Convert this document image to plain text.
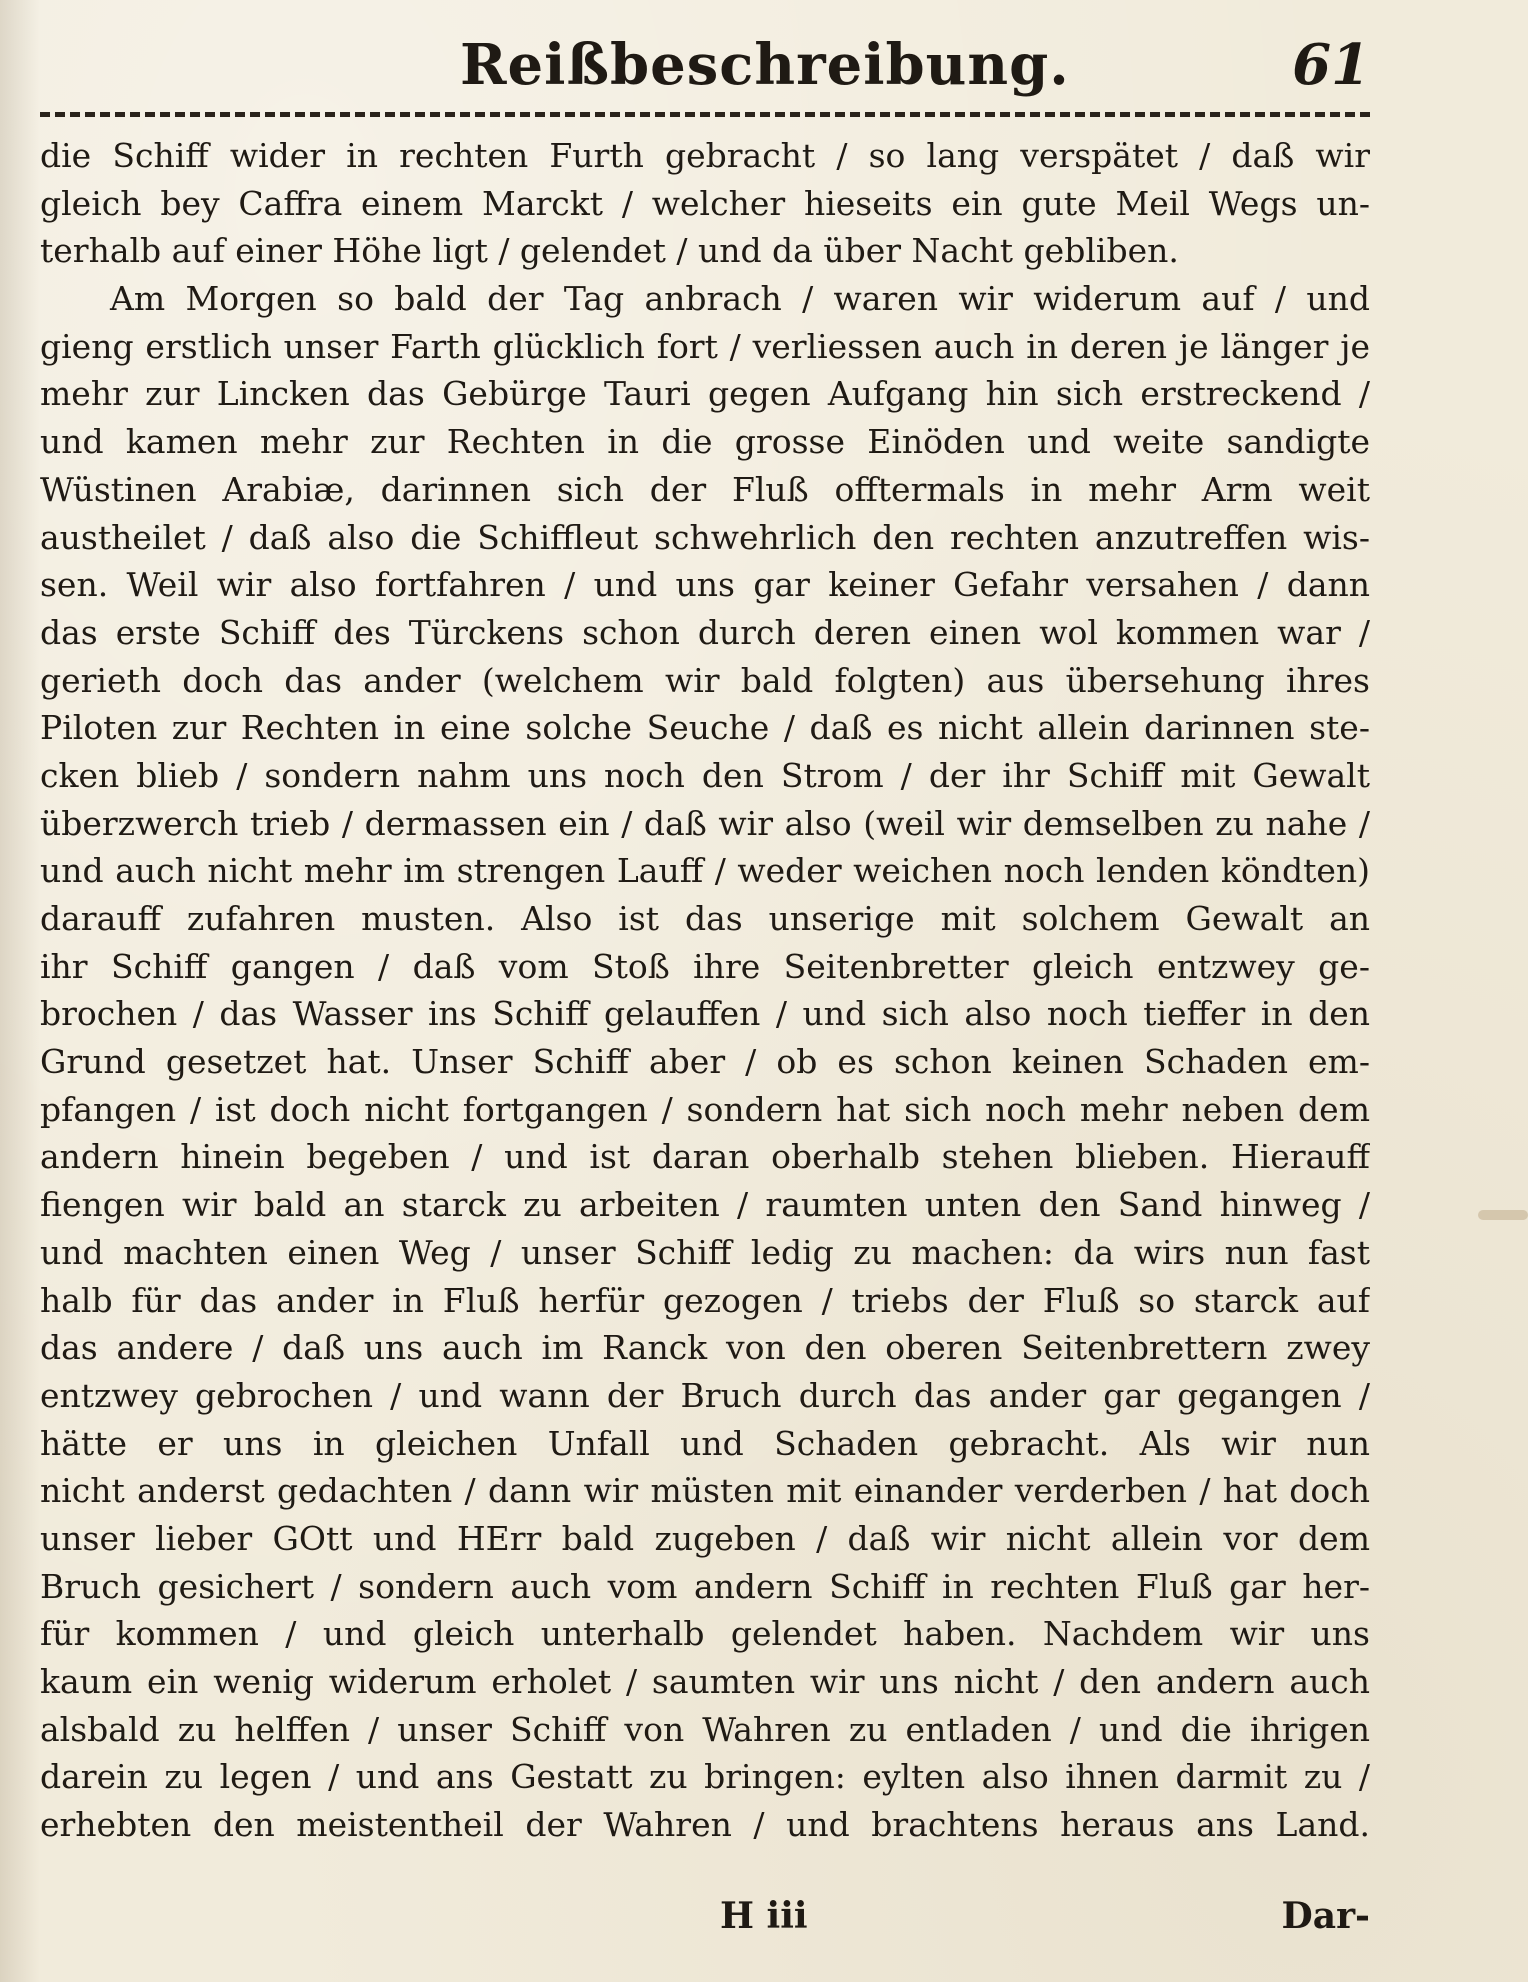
Reißbeschreibung.	61
die Schiff wider in rechten Furth gebracht / so lang verspätet / daß wir
gleich bey Caffra einem Marckt / welcher hieseits ein gute Meil Wegs un-
terhalb auf einer Höhe ligt / gelendet / und da über Nacht gebliben.
Am Morgen so bald der Tag anbrach / waren wir widerum auf / und
gieng erstlich unser Farth glücklich fort / verliessen auch in deren je länger je
mehr zur Lincken das Gebürge Tauri gegen Aufgang hin sich erstreckend /
und kamen mehr zur Rechten in die grosse Einöden und weite sandigte
Wüstinen Arabiæ, darinnen sich der Fluß offtermals in mehr Arm weit
austheilet / daß also die Schiffleut schwehrlich den rechten anzutreffen wis-
sen. Weil wir also fortfahren / und uns gar keiner Gefahr versahen / dann
das erste Schiff des Türckens schon durch deren einen wol kommen war /
gerieth doch das ander (welchem wir bald folgten) aus übersehung ihres
Piloten zur Rechten in eine solche Seuche / daß es nicht allein darinnen ste-
cken blieb / sondern nahm uns noch den Strom / der ihr Schiff mit Gewalt
überzwerch trieb / dermassen ein / daß wir also (weil wir demselben zu nahe /
und auch nicht mehr im strengen Lauff / weder weichen noch lenden köndten)
darauff zufahren musten. Also ist das unserige mit solchem Gewalt an
ihr Schiff gangen / daß vom Stoß ihre Seitenbretter gleich entzwey ge-
brochen / das Wasser ins Schiff gelauffen / und sich also noch tieffer in den
Grund gesetzet hat. Unser Schiff aber / ob es schon keinen Schaden em-
pfangen / ist doch nicht fortgangen / sondern hat sich noch mehr neben dem
andern hinein begeben / und ist daran oberhalb stehen blieben. Hierauff
fiengen wir bald an starck zu arbeiten / raumten unten den Sand hinweg /
und machten einen Weg / unser Schiff ledig zu machen: da wirs nun fast
halb für das ander in Fluß herfür gezogen / triebs der Fluß so starck auf
das andere / daß uns auch im Ranck von den oberen Seitenbrettern zwey
entzwey gebrochen / und wann der Bruch durch das ander gar gegangen /
hätte er uns in gleichen Unfall und Schaden gebracht. Als wir nun
nicht anderst gedachten / dann wir müsten mit einander verderben / hat doch
unser lieber GOtt und HErr bald zugeben / daß wir nicht allein vor dem
Bruch gesichert / sondern auch vom andern Schiff in rechten Fluß gar her-
für kommen / und gleich unterhalb gelendet haben. Nachdem wir uns
kaum ein wenig widerum erholet / saumten wir uns nicht / den andern auch
alsbald zu helffen / unser Schiff von Wahren zu entladen / und die ihrigen
darein zu legen / und ans Gestatt zu bringen: eylten also ihnen darmit zu /
erhebten den meistentheil der Wahren / und brachtens heraus ans Land.
H iii	Dar-
